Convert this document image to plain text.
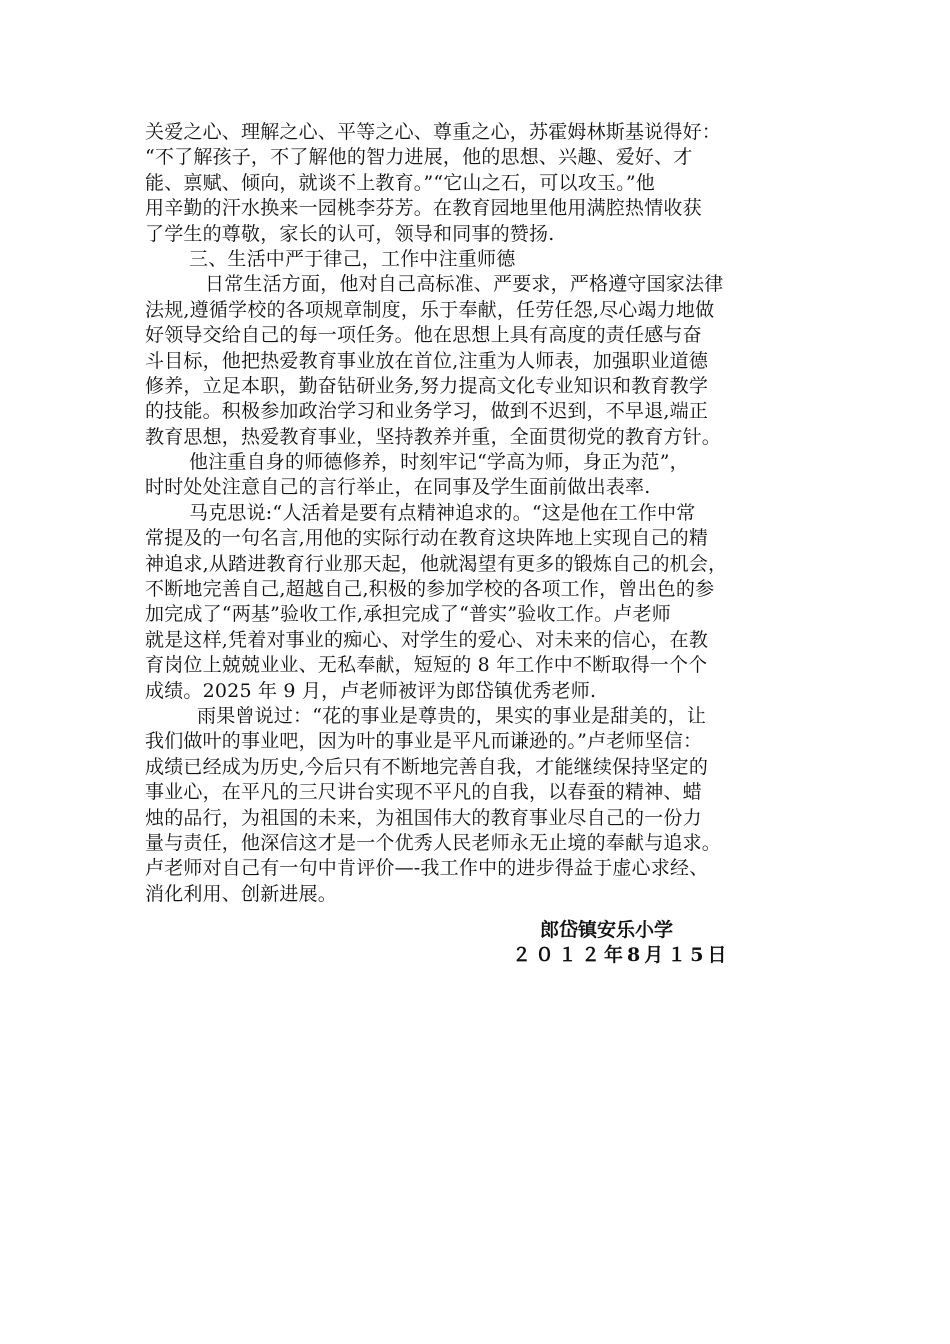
关爱之心、理解之心、平等之心、尊重之心，苏霍姆林斯基说得好：
“不了解孩子，不了解他的智力进展，他的思想、兴趣、爱好、才
能、禀赋、倾向，就谈不上教育。”“它山之石，可以攻玉。”他
用辛勤的汗水换来一园桃李芬芳。在教育园地里他用满腔热情收获
了学生的尊敬，家长的认可，领导和同事的赞扬.
三、生活中严于律己，工作中注重师德
日常生活方面，他对自己高标准、严要求，严格遵守国家法律
法规,遵循学校的各项规章制度，乐于奉献，任劳任怨,尽心竭力地做
好领导交给自己的每一项任务。他在思想上具有高度的责任感与奋
斗目标，他把热爱教育事业放在首位,注重为人师表，加强职业道德
修养，立足本职，勤奋钻研业务,努力提高文化专业知识和教育教学
的技能。积极参加政治学习和业务学习，做到不迟到，不早退,端正
教育思想，热爱教育事业，坚持教养并重，全面贯彻党的教育方针。
他注重自身的师德修养，时刻牢记“学高为师，身正为范”，
时时处处注意自己的言行举止，在同事及学生面前做出表率.
马克思说:“人活着是要有点精神追求的。“这是他在工作中常
常提及的一句名言,用他的实际行动在教育这块阵地上实现自己的精
神追求,从踏进教育行业那天起，他就渴望有更多的锻炼自己的机会，
不断地完善自己,超越自己,积极的参加学校的各项工作，曾出色的参
加完成了“两基”验收工作,承担完成了“普实”验收工作。卢老师
就是这样,凭着对事业的痴心、对学生的爱心、对未来的信心，在教
育岗位上兢兢业业、无私奉献，短短的 8 年工作中不断取得一个个
成绩。2025 年 9 月，卢老师被评为郎岱镇优秀老师.
雨果曾说过：“花的事业是尊贵的，果实的事业是甜美的，让
我们做叶的事业吧，因为叶的事业是平凡而谦逊的。”卢老师坚信：
成绩已经成为历史,今后只有不断地完善自我，才能继续保持坚定的
事业心，在平凡的三尺讲台实现不平凡的自我，以春蚕的精神、蜡
烛的品行，为祖国的未来，为祖国伟大的教育事业尽自己的一份力
量与责任，他深信这才是一个优秀人民老师永无止境的奉献与追求。
卢老师对自己有一句中肯评价—-我工作中的进步得益于虚心求经、
消化利用、创新进展。
郎岱镇安乐小学
２０１２年8月１5日
